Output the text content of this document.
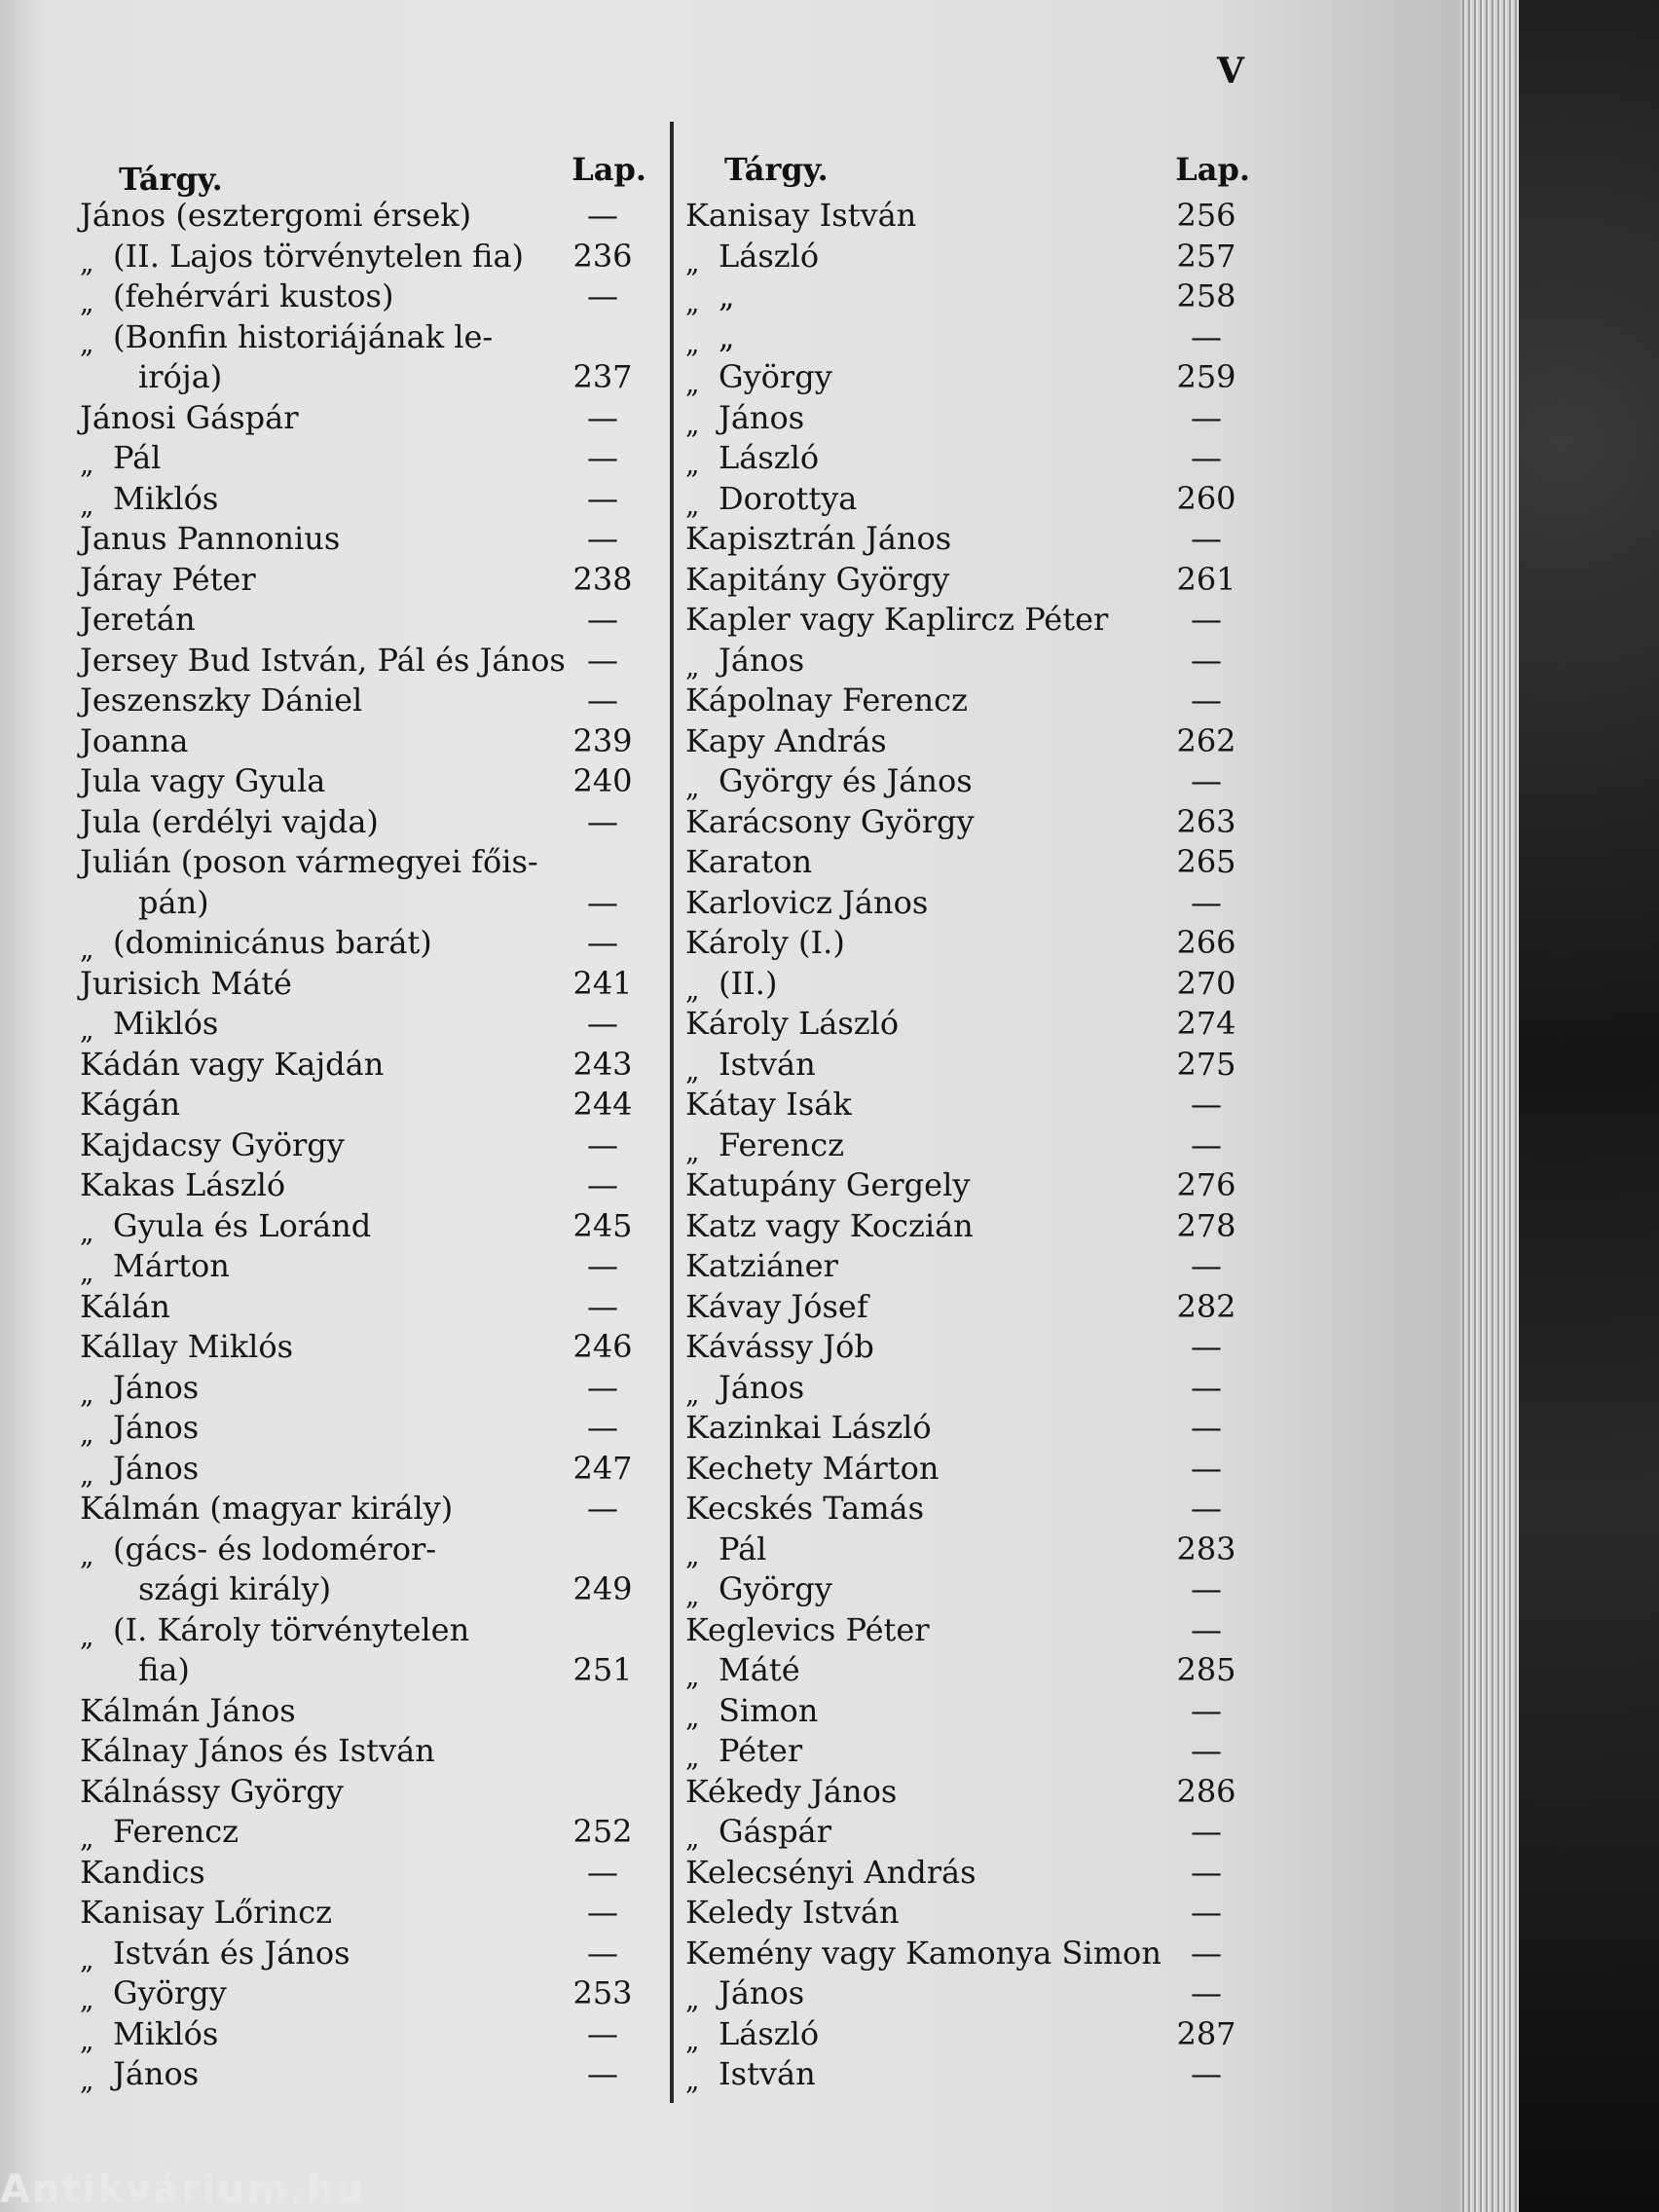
V
Tárgy.	Lap.
János (esztergomi érsek)	—
„ (II. Lajos törvénytelen fia)	236
„ (fehérvári kustos)	—
„ (Bonfin historiájának le-
irója)	237
Jánosi Gáspár	—
„ Pál	—
„ Miklós	—
Janus Pannonius	—
Járay Péter	238
Jeretán	—
Jersey Bud István, Pál és János —
Jeszenszky Dániel	—
Joanna	239
Jula vagy Gyula	240
Jula (erdélyi vajda)	—
Julián (poson vármegyei főis-
pán)	—
„ (dominicánus barát)	—
Jurisich Máté	241
„ Miklós	—
Kádán vagy Kajdán	243
Kágán	244
Kajdacsy György	—
Kakas László	—
„ Gyula és Loránd	245
„ Márton	—
Kálán	—
Kállay Miklós	246
„ János	—
„ János	—
„ János	247
Kálmán (magyar király)	—
„ (gács- és lodoméror-
szági király)	249
„ (I. Károly törvénytelen
fia)	251
Kálmán János
Kálnay János és István
Kálnássy György
„ Ferencz	252
Kandics	—
Kanisay Lőrincz	—
„ István és János	—
„ György	253
„ Miklós	—
„ János	—
Tárgy.	Lap.
Kanisay István	256
„ László	257
„ „	258
„ „	—
„ György	259
„ János	—
„ László	—
„ Dorottya	260
Kapisztrán János	—
Kapitány György	261
Kapler vagy Kaplircz Péter	—
„ János	—
Kápolnay Ferencz	—
Kapy András	262
„ György és János	—
Karácsony György	263
Karaton	265
Karlovicz János	—
Károly (I.)	266
„ (II.)	270
Károly László	274
„ István	275
Kátay Isák	—
„ Ferencz	—
Katupány Gergely	276
Katz vagy Koczián	278
Katziáner	—
Kávay Jósef	282
Kávássy Jób	—
„ János	—
Kazinkai László	—
Kechety Márton	—
Kecskés Tamás	—
„ Pál	283
„ György	—
Keglevics Péter	—
„ Máté	285
„ Simon	—
„ Péter	—
Kékedy János	286
„ Gáspár	—
Kelecsényi András	—
Keledy István	—
Kemény vagy Kamonya Simon —
„ János	—
„ László	287
„ István	—
Antikvárium.hu
